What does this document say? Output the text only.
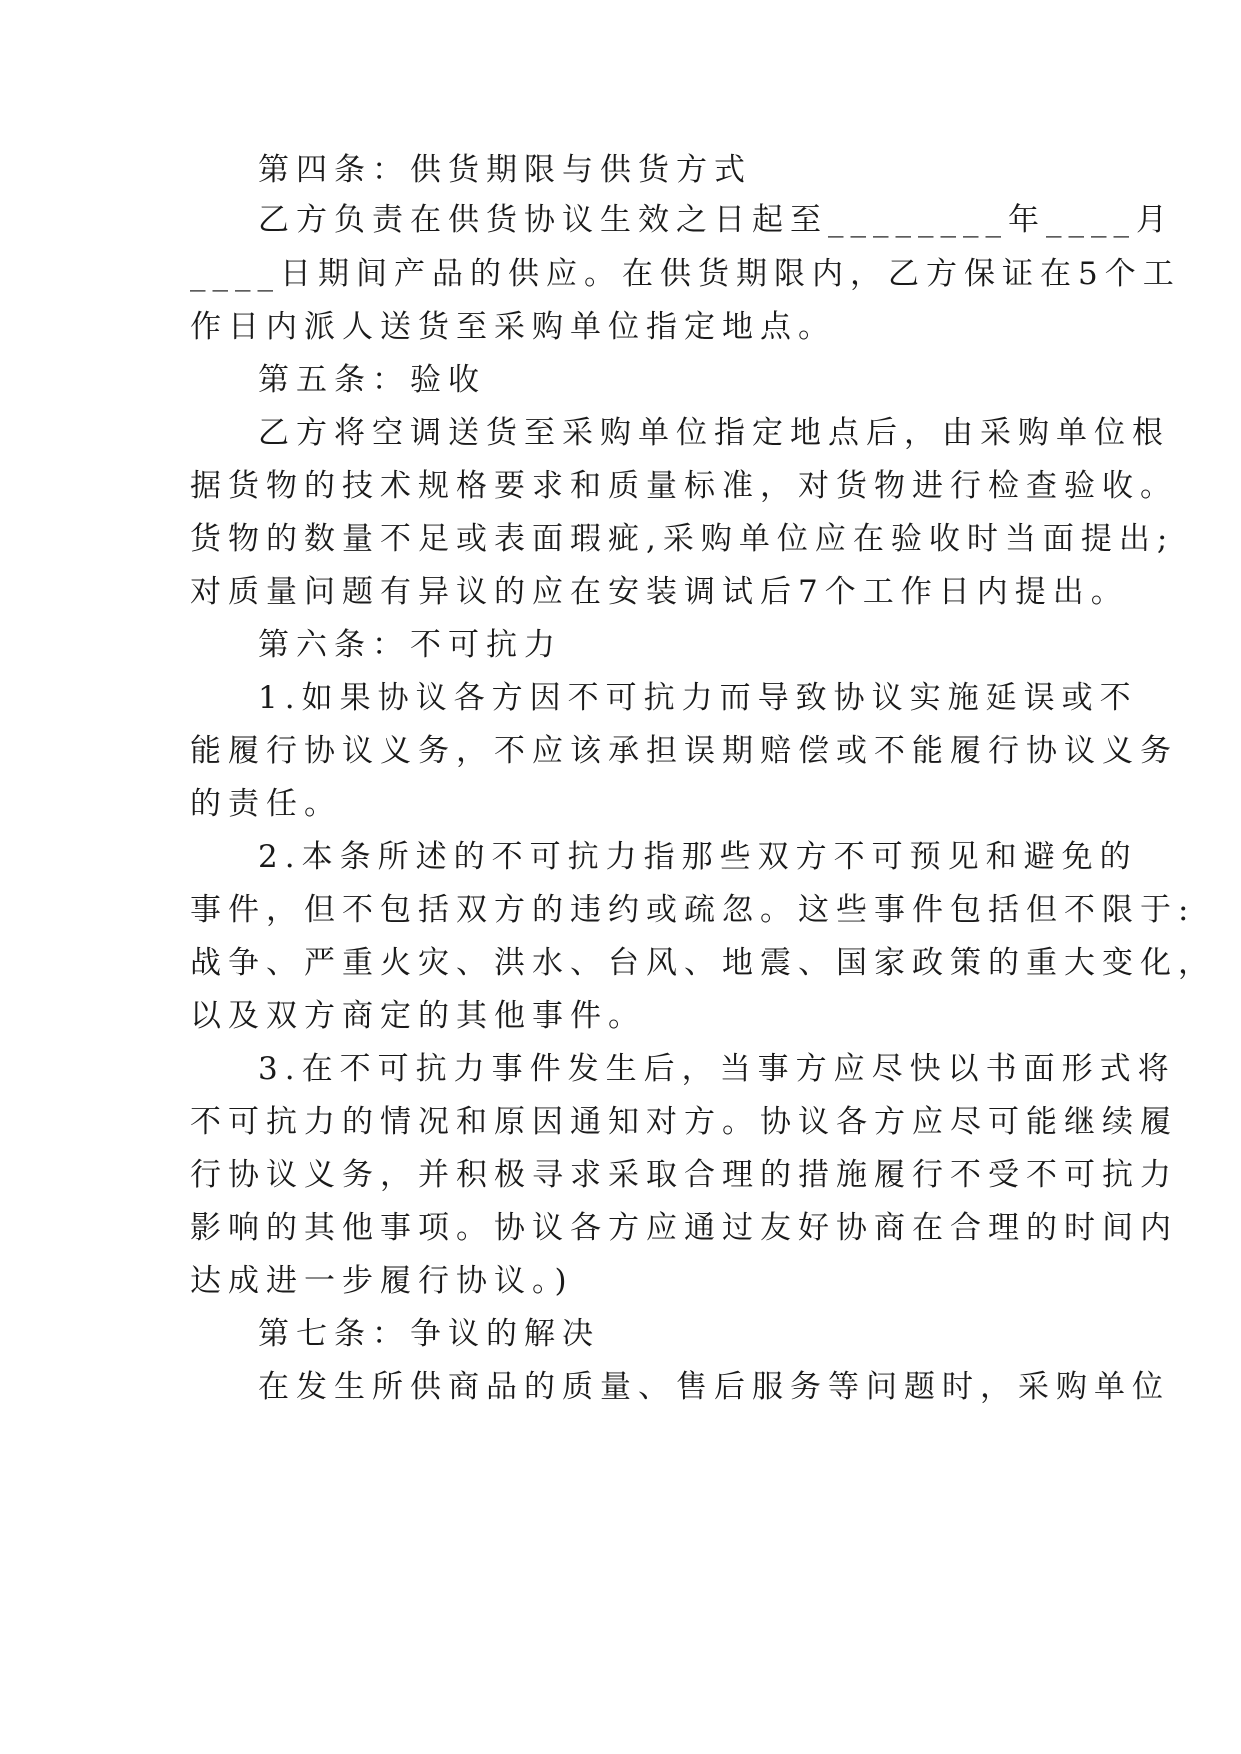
第四条：供货期限与供货方式
乙方负责在供货协议生效之日起至________年____月
____日期间产品的供应。在供货期限内，乙方保证在5个工
作日内派人送货至采购单位指定地点。
第五条：验收
乙方将空调送货至采购单位指定地点后，由采购单位根
据货物的技术规格要求和质量标准，对货物进行检查验收。
货物的数量不足或表面瑕疵,采购单位应在验收时当面提出;
对质量问题有异议的应在安装调试后7个工作日内提出。
第六条：不可抗力
1.如果协议各方因不可抗力而导致协议实施延误或不
能履行协议义务，不应该承担误期赔偿或不能履行协议义务
的责任。
2.本条所述的不可抗力指那些双方不可预见和避免的
事件，但不包括双方的违约或疏忽。这些事件包括但不限于:
战争、严重火灾、洪水、台风、地震、国家政策的重大变化，
以及双方商定的其他事件。
3.在不可抗力事件发生后，当事方应尽快以书面形式将
不可抗力的情况和原因通知对方。协议各方应尽可能继续履
行协议义务，并积极寻求采取合理的措施履行不受不可抗力
影响的其他事项。协议各方应通过友好协商在合理的时间内
达成进一步履行协议。)
第七条：争议的解决
在发生所供商品的质量、售后服务等问题时，采购单位
